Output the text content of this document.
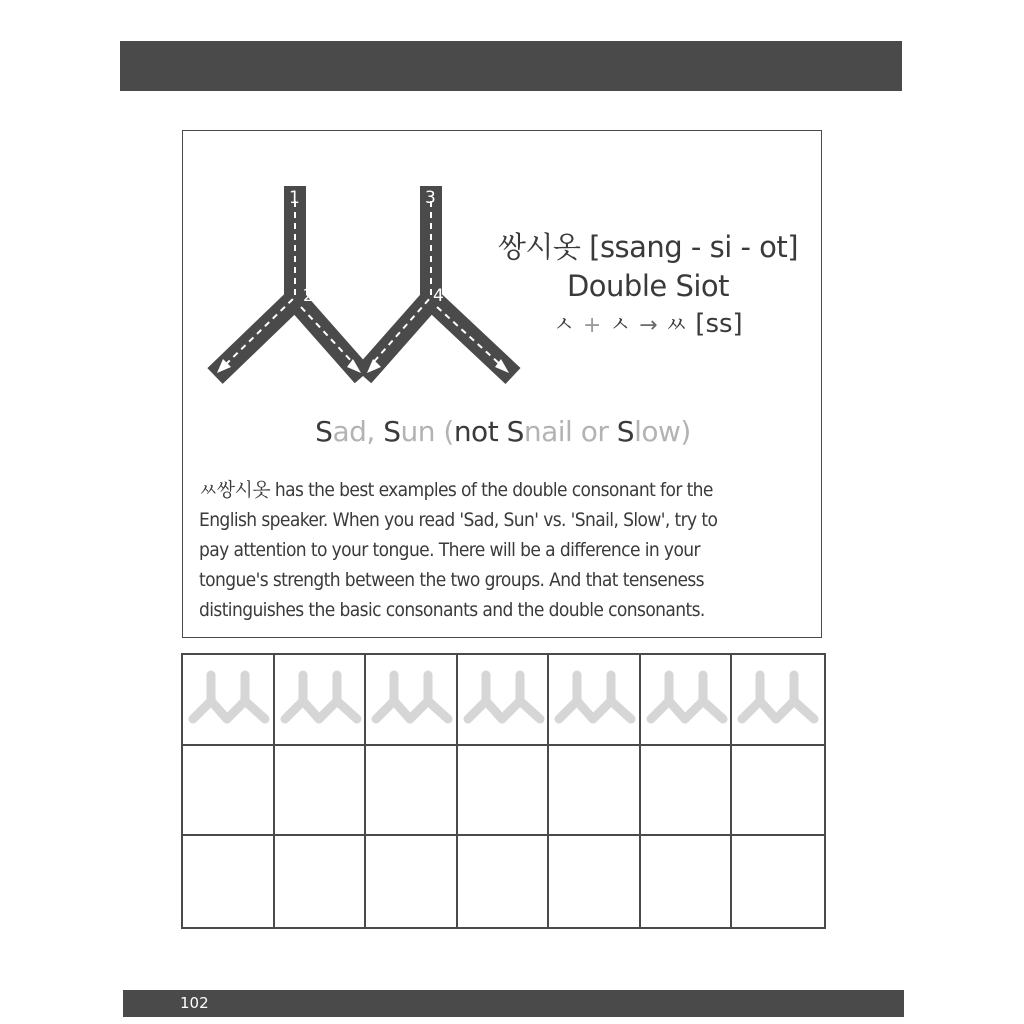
1
2
3
4
쌍시옷 [ssang - si - ot]
Double Siot
ㅅ + ㅅ → ㅆ [ss]
Sad, Sun (not Snail or Slow)
ㅆ쌍시옷 has the best examples of the double consonant for the
English speaker. When you read 'Sad, Sun' vs. 'Snail, Slow', try to
pay attention to your tongue. There will be a difference in your
tongue's strength between the two groups. And that tenseness
distinguishes the basic consonants and the double consonants.
102
